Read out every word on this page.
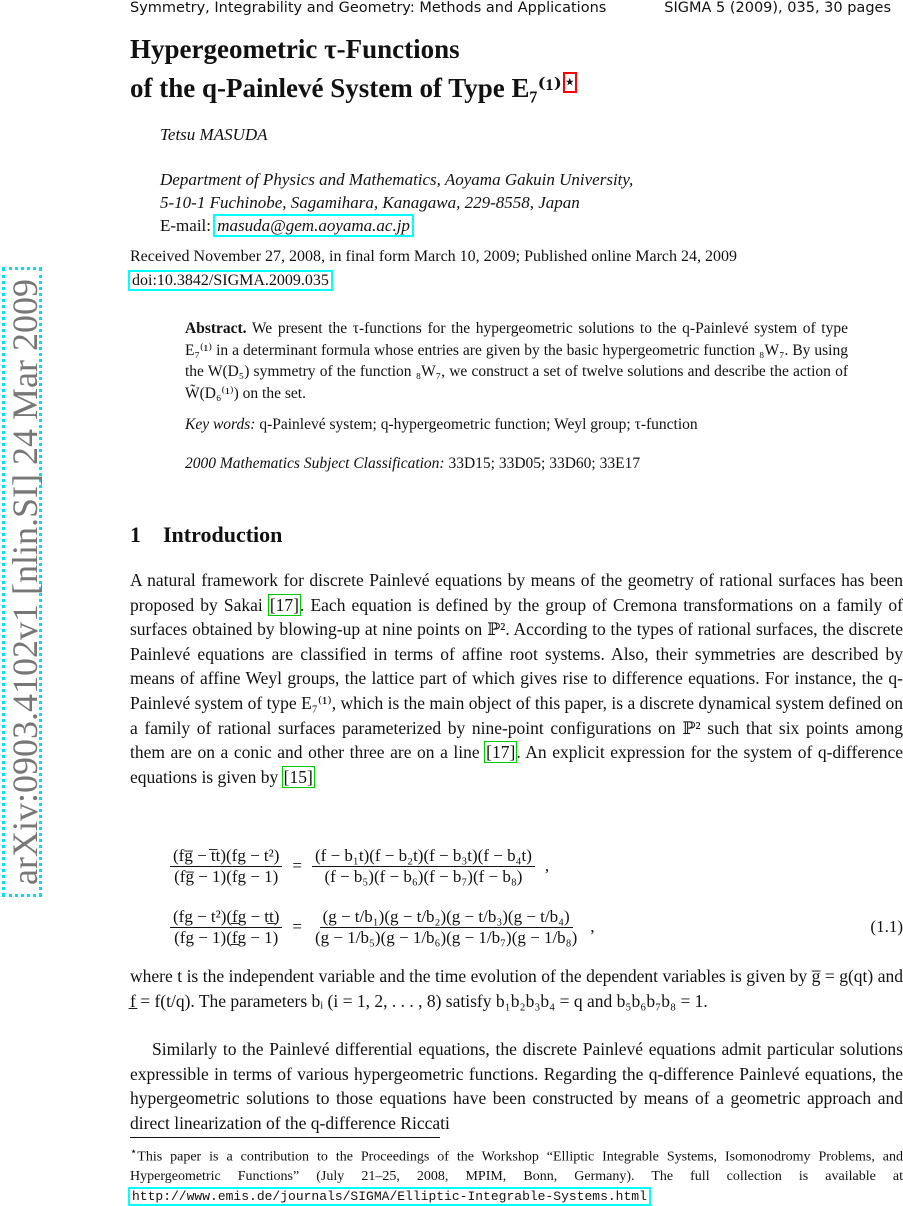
Symmetry, Integrability and Geometry: Methods and Applications	SIGMA 5 (2009), 035, 30 pages
Hypergeometric τ-Functions
of the q-Painlevé System of Type E₇⁽¹⁾ ⋆
Tetsu MASUDA
Department of Physics and Mathematics, Aoyama Gakuin University,
5-10-1 Fuchinobe, Sagamihara, Kanagawa, 229-8558, Japan
E-mail: masuda@gem.aoyama.ac.jp
Received November 27, 2008, in final form March 10, 2009; Published online March 24, 2009
doi:10.3842/SIGMA.2009.035
arXiv:0903.4102v1 [nlin.SI] 24 Mar 2009	Abstract. We present the τ-functions for the hypergeometric solutions to the q-Painlevé system of type E₇⁽¹⁾ in a determinant formula whose entries are given by the basic hypergeometric function ₈W₇. By using the W(D₅) symmetry of the function ₈W₇, we construct a set of twelve solutions and describe the action of W̃(D₆⁽¹⁾) on the set.
Key words: q-Painlevé system; q-hypergeometric function; Weyl group; τ-function
2000 Mathematics Subject Classification: 33D15; 33D05; 33D60; 33E17
1 Introduction
A natural framework for discrete Painlevé equations by means of the geometry of rational surfaces has been proposed by Sakai [17]. Each equation is defined by the group of Cremona transformations on a family of surfaces obtained by blowing-up at nine points on ℙ². According to the types of rational surfaces, the discrete Painlevé equations are classified in terms of affine root systems. Also, their symmetries are described by means of affine Weyl groups, the lattice part of which gives rise to difference equations. For instance, the q-Painlevé system of type E₇⁽¹⁾, which is the main object of this paper, is a discrete dynamical system defined on a family of rational surfaces parameterized by nine-point configurations on ℙ² such that six points among them are on a conic and other three are on a line [17]. An explicit expression for the system of q-difference equations is given by [15]
$\frac{\text{(fg̅ − t̅t)(fg − t²)}}{(fg̅ - 1)(fg - 1)} = \frac{\text{(f − b₁t)(f − b₂t)(f − b₃t)(f − b₄t)}}{\text{(f − b₅)(f − b₆)(f − b₇)(f − b₈)}}$ ,
$\frac{\text{(fg − t²)(f̲g − tt̲)}}{(fg - 1)(f̲g - 1)} = \frac{\text{(g − t/b₁)(g − t/b₂)(g − t/b₃)(g − t/b₄)}}{\text{(g − 1/b₅)(g − 1/b₆)(g − 1/b₇)(g − 1/b₈)}}$ ,	(1.1)
where t is the independent variable and the time evolution of the dependent variables is given by g̅ = g(qt) and f̲ = f(t/q). The parameters bᵢ (i = 1, 2, . . . , 8) satisfy b₁b₂b₃b₄ = q and b₅b₆b₇b₈ = 1.
Similarly to the Painlevé differential equations, the discrete Painlevé equations admit particular solutions expressible in terms of various hypergeometric functions. Regarding the q-difference Painlevé equations, the hypergeometric solutions to those equations have been constructed by means of a geometric approach and direct linearization of the q-difference Riccati
⋆This paper is a contribution to the Proceedings of the Workshop “Elliptic Integrable Systems, Isomonodromy Problems, and Hypergeometric Functions” (July 21–25, 2008, MPIM, Bonn, Germany). The full collection is available at http://www.emis.de/journals/SIGMA/Elliptic-Integrable-Systems.html
